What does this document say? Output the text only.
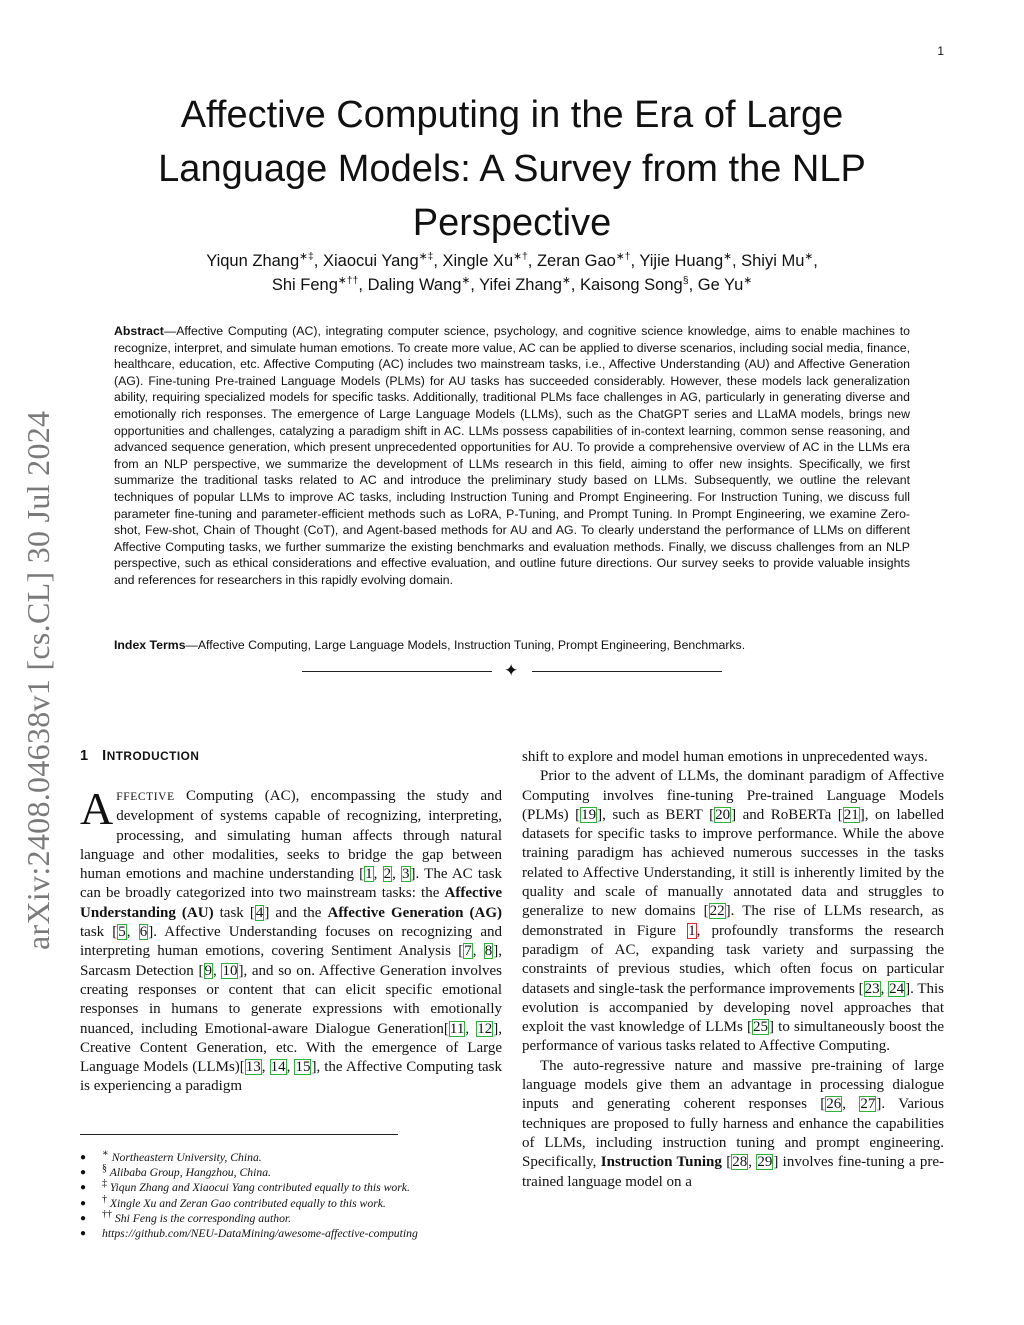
1
arXiv:2408.04638v1 [cs.CL] 30 Jul 2024
Affective Computing in the Era of Large Language Models: A Survey from the NLP Perspective
Yiqun Zhang∗‡, Xiaocui Yang∗‡, Xingle Xu∗†, Zeran Gao∗†, Yijie Huang∗, Shiyi Mu∗,
Shi Feng∗††, Daling Wang∗, Yifei Zhang∗, Kaisong Song§, Ge Yu∗
Abstract—Affective Computing (AC), integrating computer science, psychology, and cognitive science knowledge, aims to enable machines to recognize, interpret, and simulate human emotions. To create more value, AC can be applied to diverse scenarios, including social media, finance, healthcare, education, etc. Affective Computing (AC) includes two mainstream tasks, i.e., Affective Understanding (AU) and Affective Generation (AG). Fine-tuning Pre-trained Language Models (PLMs) for AU tasks has succeeded considerably. However, these models lack generalization ability, requiring specialized models for specific tasks. Additionally, traditional PLMs face challenges in AG, particularly in generating diverse and emotionally rich responses. The emergence of Large Language Models (LLMs), such as the ChatGPT series and LLaMA models, brings new opportunities and challenges, catalyzing a paradigm shift in AC. LLMs possess capabilities of in-context learning, common sense reasoning, and advanced sequence generation, which present unprecedented opportunities for AU. To provide a comprehensive overview of AC in the LLMs era from an NLP perspective, we summarize the development of LLMs research in this field, aiming to offer new insights. Specifically, we first summarize the traditional tasks related to AC and introduce the preliminary study based on LLMs. Subsequently, we outline the relevant techniques of popular LLMs to improve AC tasks, including Instruction Tuning and Prompt Engineering. For Instruction Tuning, we discuss full parameter fine-tuning and parameter-efficient methods such as LoRA, P-Tuning, and Prompt Tuning. In Prompt Engineering, we examine Zero-shot, Few-shot, Chain of Thought (CoT), and Agent-based methods for AU and AG. To clearly understand the performance of LLMs on different Affective Computing tasks, we further summarize the existing benchmarks and evaluation methods. Finally, we discuss challenges from an NLP perspective, such as ethical considerations and effective evaluation, and outline future directions. Our survey seeks to provide valuable insights and references for researchers in this rapidly evolving domain.
Index Terms—Affective Computing, Large Language Models, Instruction Tuning, Prompt Engineering, Benchmarks.
✦
1 INTRODUCTION

AFFECTIVE Computing (AC), encompassing the study and development of systems capable of recognizing, interpreting, processing, and simulating human affects through natural language and other modalities, seeks to bridge the gap between human emotions and machine understanding [1, 2, 3]. The AC task can be broadly categorized into two mainstream tasks: the Affective Understanding (AU) task [4] and the Affective Generation (AG) task [5, 6]. Affective Understanding focuses on recognizing and interpreting human emotions, covering Sentiment Analysis [7, 8], Sarcasm Detection [9, 10], and so on. Affective Generation involves creating responses or content that can elicit specific emotional responses in humans to generate expressions with emotionally nuanced, including Emotional-aware Dialogue Generation[11, 12], Creative Content Generation, etc. With the emergence of Large Language Models (LLMs)[13, 14, 15], the Affective Computing task is experiencing a paradigm

shift to explore and model human emotions in unprecedented ways.

Prior to the advent of LLMs, the dominant paradigm of Affective Computing involves fine-tuning Pre-trained Language Models (PLMs) [19], such as BERT [20] and RoBERTa [21], on labelled datasets for specific tasks to improve performance. While the above training paradigm has achieved numerous successes in the tasks related to Affective Understanding, it still is inherently limited by the quality and scale of manually annotated data and struggles to generalize to new domains [22]. The rise of LLMs research, as demonstrated in Figure 1, profoundly transforms the research paradigm of AC, expanding task variety and surpassing the constraints of previous studies, which often focus on particular datasets and single-task the performance improvements [23, 24]. This evolution is accompanied by developing novel approaches that exploit the vast knowledge of LLMs [25] to simultaneously boost the performance of various tasks related to Affective Computing.

The auto-regressive nature and massive pre-training of large language models give them an advantage in processing dialogue inputs and generating coherent responses [26, 27]. Various techniques are proposed to fully harness and enhance the capabilities of LLMs, including instruction tuning and prompt engineering. Specifically, Instruction Tuning [28, 29] involves fine-tuning a pre-trained language model on a

● ∗ Northeastern University, China.
● § Alibaba Group, Hangzhou, China.
● ‡ Yiqun Zhang and Xiaocui Yang contributed equally to this work.
● † Xingle Xu and Zeran Gao contributed equally to this work.
● †† Shi Feng is the corresponding author.
● https://github.com/NEU-DataMining/awesome-affective-computing
